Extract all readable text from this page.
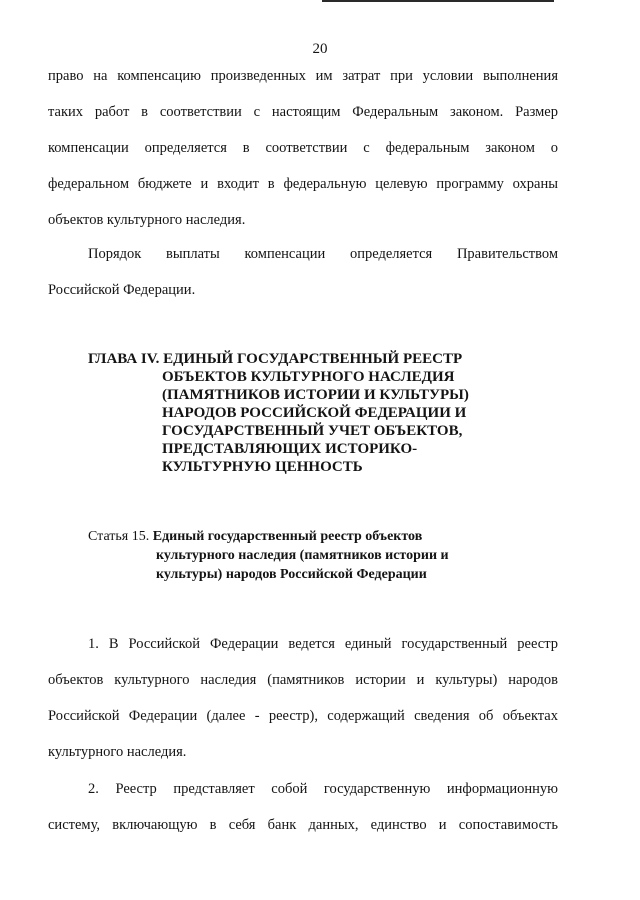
20
право на компенсацию произведенных им затрат при условии выполнения
таких работ в соответствии с настоящим Федеральным законом. Размер
компенсации определяется в соответствии с федеральным законом о
федеральном бюджете и входит в федеральную целевую программу охраны
объектов культурного наследия.
Порядок выплаты компенсации определяется Правительством
Российской Федерации.
ГЛАВА IV. ЕДИНЫЙ ГОСУДАРСТВЕННЫЙ РЕЕСТР
ОБЪЕКТОВ КУЛЬТУРНОГО НАСЛЕДИЯ
(ПАМЯТНИКОВ ИСТОРИИ И КУЛЬТУРЫ)
НАРОДОВ РОССИЙСКОЙ ФЕДЕРАЦИИ И
ГОСУДАРСТВЕННЫЙ УЧЕТ ОБЪЕКТОВ,
ПРЕДСТАВЛЯЮЩИХ ИСТОРИКО-
КУЛЬТУРНУЮ ЦЕННОСТЬ
Статья 15. Единый государственный реестр объектов
культурного наследия (памятников истории и
культуры) народов Российской Федерации
1. В Российской Федерации ведется единый государственный реестр
объектов культурного наследия (памятников истории и культуры) народов
Российской Федерации (далее - реестр), содержащий сведения об объектах
культурного наследия.
2. Реестр представляет собой государственную информационную
систему, включающую в себя банк данных, единство и сопоставимость
